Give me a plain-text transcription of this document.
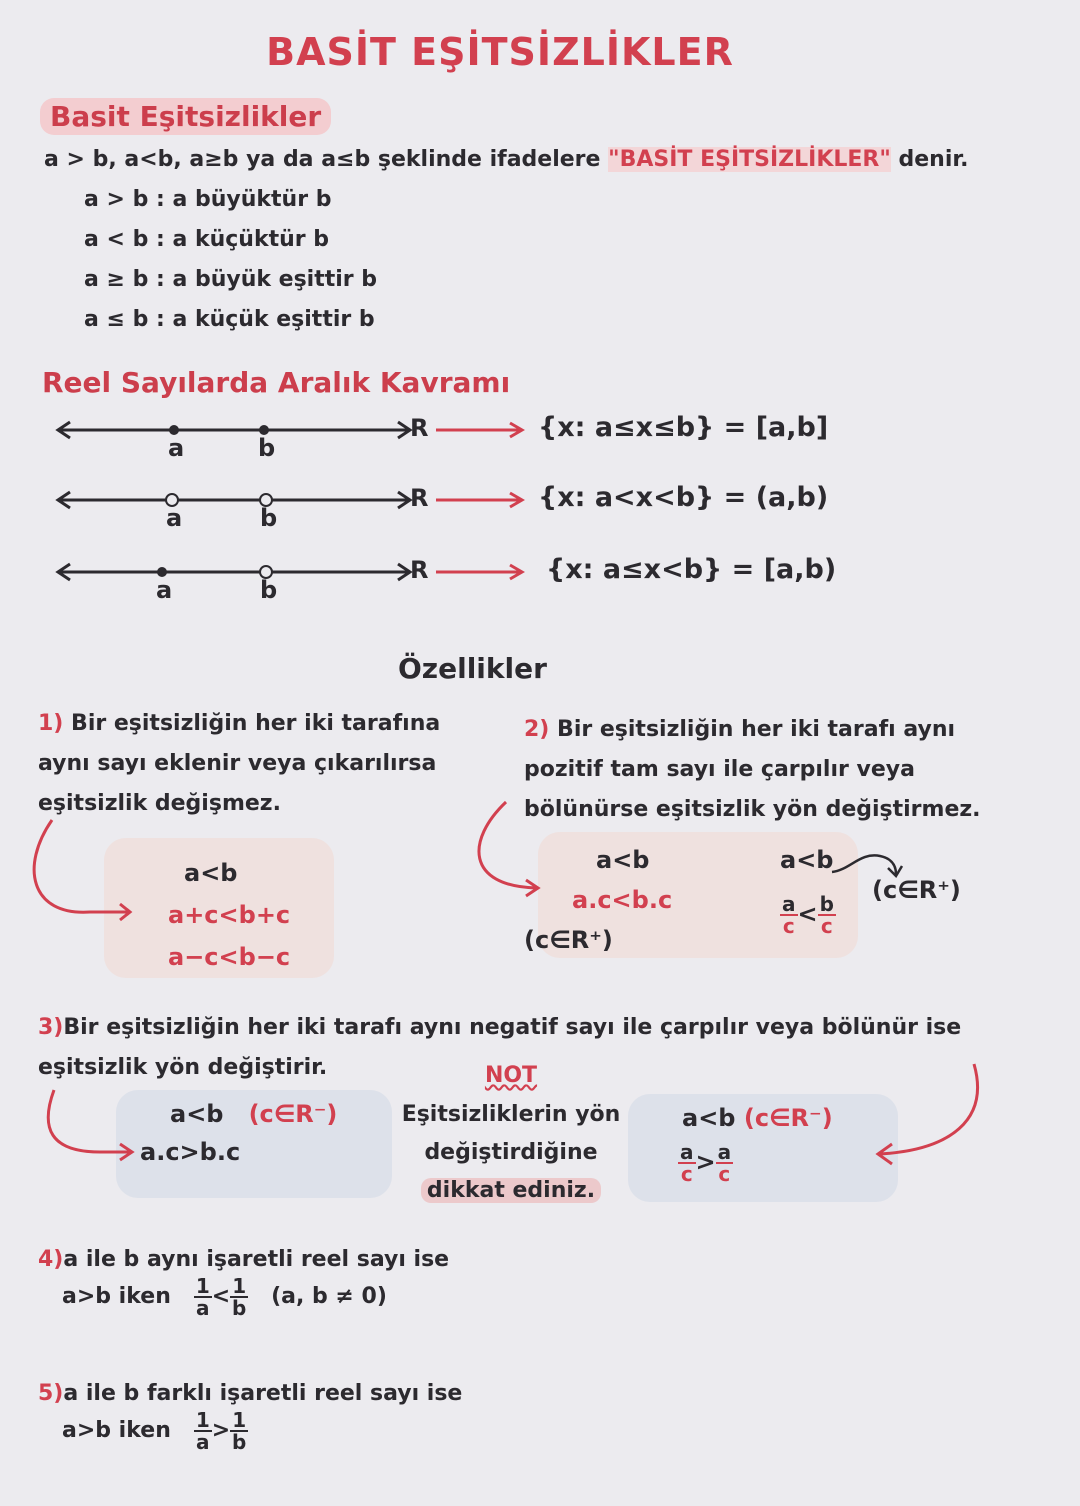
BASİT EŞİTSİZLİKLER
Basit Eşitsizlikler
a > b, a<b, a≥b ya da a≤b şeklinde ifadelere "BASİT EŞİTSİZLİKLER" denir.
a > b : a büyüktür b
a < b : a küçüktür b
a ≥ b : a büyük eşittir b
a ≤ b : a küçük eşittir b
Reel Sayılarda Aralık Kavramı
a	b
R	{x: a≤x≤b} = [a,b]
a	b
R	{x: a<x<b} = (a,b)
a	b
R	{x: a≤x<b} = [a,b)
Özellikler
1) Bir eşitsizliğin her iki tarafına
aynı sayı eklenir veya çıkarılırsa
eşitsizlik değişmez.
a<b
a+c<b+c
a−c<b−c
2) Bir eşitsizliğin her iki tarafı aynı
pozitif tam sayı ile çarpılır veya
bölünürse eşitsizlik yön değiştirmez.
a<b
a.c<b.c
(c∈R⁺)
a<b
(c∈R⁺)
$\frac{a}{c} < \frac{b}{c}$
3)Bir eşitsizliğin her iki tarafı aynı negatif sayı ile çarpılır veya bölünür ise
eşitsizlik yön değiştirir.
a<b (c∈R⁻)
a.c>b.c
NOT
Eşitsizliklerin yön
değiştirdiğine
dikkat ediniz.
a<b (c∈R⁻)
$\frac{a}{c} > \frac{a}{c}$
4)a ile b aynı işaretli reel sayı ise
a>b iken $\frac{1}{a} < \frac{1}{b} (a$, b ≠ 0)
5)a ile b farklı işaretli reel sayı ise
a>b iken $\frac{1}{a} > \frac{1}{b}$
